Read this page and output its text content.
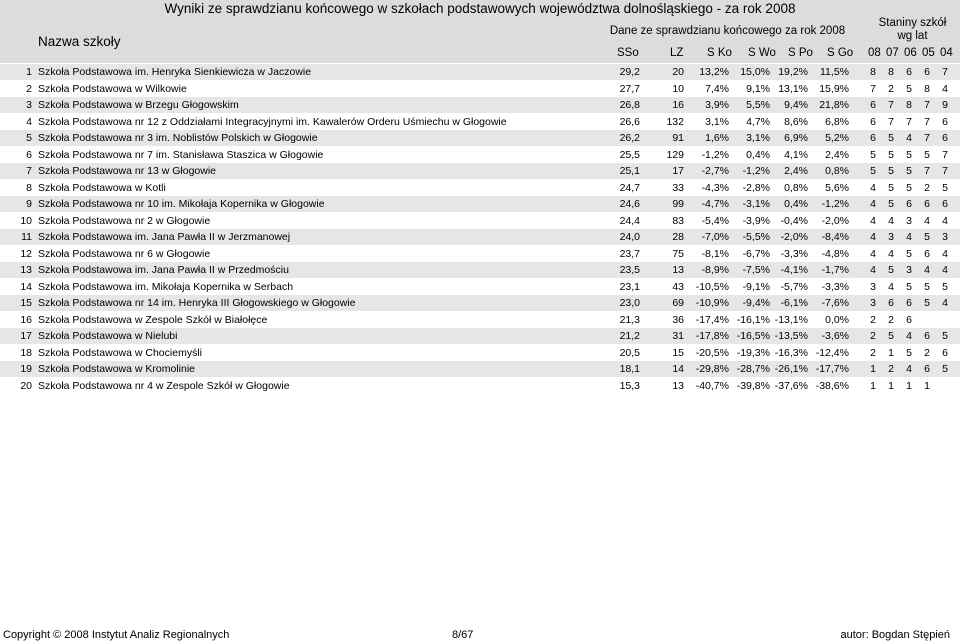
Wyniki ze sprawdzianu końcowego w szkołach podstawowych województwa dolnośląskiego - za rok 2008
Nazwa szkoły
Dane ze sprawdzianu końcowego za rok 2008
Staniny szkół
wg lat
SSo	LZ S Ko S Wo S Po S Go 08 07 06 05 04
1 Szkoła Podstawowa im. Henryka Sienkiewicza w Jaczowie	29,2	20 13,2% 15,0% 19,2% 11,5% 8 8 6 6 7
2 Szkoła Podstawowa w Wilkowie	27,7	10 7,4% 9,1% 13,1% 15,9% 7 2 5 8 4
3 Szkoła Podstawowa w Brzegu Głogowskim	26,8	16 3,9% 5,5% 9,4% 21,8% 6 7 8 7 9
4 Szkoła Podstawowa nr 12 z Oddziałami Integracyjnymi im. Kawalerów Orderu Uśmiechu w Głogowie	26,6	132 3,1% 4,7% 8,6% 6,8% 6 7 7 7 6
5 Szkoła Podstawowa nr 3 im. Noblistów Polskich w Głogowie	26,2	91 1,6% 3,1% 6,9% 5,2% 6 5 4 7 6
6 Szkoła Podstawowa nr 7 im. Stanisława Staszica w Głogowie	25,5	129 -1,2% 0,4% 4,1% 2,4% 5 5 5 5 7
7 Szkoła Podstawowa nr 13 w Głogowie	25,1	17 -2,7% -1,2% 2,4% 0,8% 5 5 5 7 7
8 Szkoła Podstawowa w Kotli	24,7	33 -4,3% -2,8% 0,8% 5,6% 4 5 5 2 5
9 Szkoła Podstawowa nr 10 im. Mikołaja Kopernika w Głogowie	24,6	99 -4,7% -3,1% 0,4% -1,2% 4 5 6 6 6
10 Szkoła Podstawowa nr 2 w Głogowie	24,4	83 -5,4% -3,9% -0,4% -2,0% 4 4 3 4 4
11 Szkoła Podstawowa im. Jana Pawła II w Jerzmanowej	24,0	28 -7,0% -5,5% -2,0% -8,4% 4 3 4 5 3
12 Szkoła Podstawowa nr 6 w Głogowie	23,7	75 -8,1% -6,7% -3,3% -4,8% 4 4 5 6 4
13 Szkoła Podstawowa im. Jana Pawła II w Przedmościu	23,5	13 -8,9% -7,5% -4,1% -1,7% 4 5 3 4 4
14 Szkoła Podstawowa im. Mikołaja Kopernika w Serbach	23,1	43 -10,5% -9,1% -5,7% -3,3% 3 4 5 5 5
15 Szkoła Podstawowa nr 14 im. Henryka III Głogowskiego w Głogowie	23,0	69 -10,9% -9,4% -6,1% -7,6% 3 6 6 5 4
16 Szkoła Podstawowa w Zespole Szkół w Białołęce	21,3	36 -17,4% -16,1% -13,1% 0,0% 2 2 6
17 Szkoła Podstawowa w Nielubi	21,2	31 -17,8% -16,5% -13,5% -3,6% 2 5 4 6 5
18 Szkoła Podstawowa w Chociemyśli	20,5	15 -20,5% -19,3% -16,3% -12,4% 2 1 5 2 6
19 Szkoła Podstawowa w Kromolinie	18,1	14 -29,8% -28,7% -26,1% -17,7% 1 2 4 6 5
20 Szkoła Podstawowa nr 4 w Zespole Szkół w Głogowie	15,3	13 -40,7% -39,8% -37,6% -38,6% 1 1 1 1
Copyright © 2008 Instytut Analiz Regionalnych	8/67	autor: Bogdan Stępień
